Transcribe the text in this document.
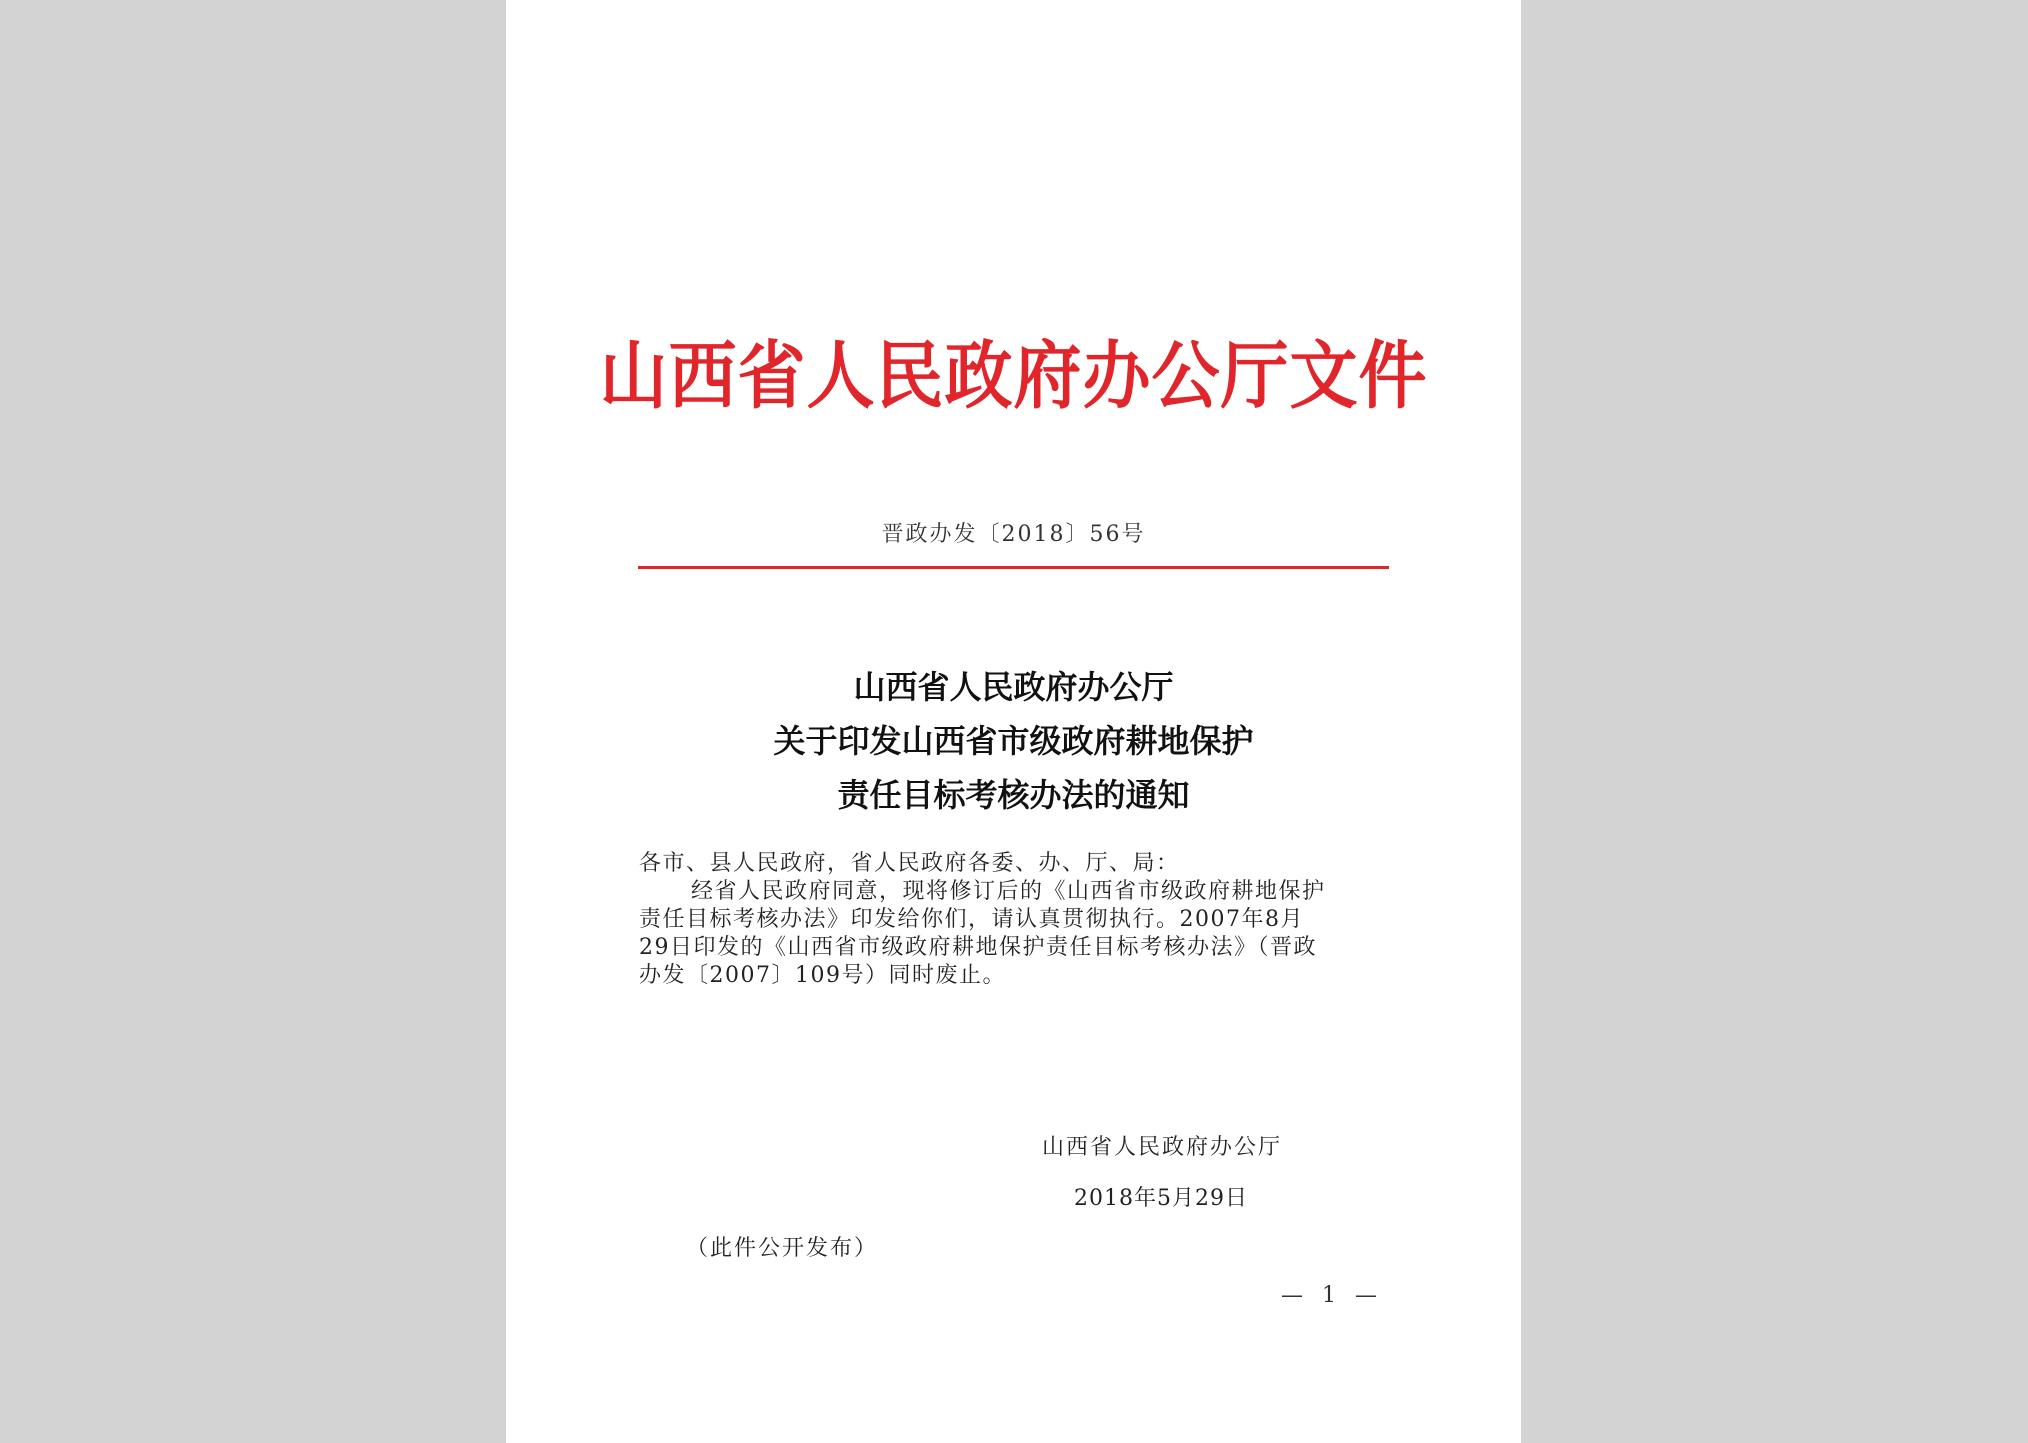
山西省人民政府办公厅文件
晋政办发〔2018〕56号
山西省人民政府办公厅
关于印发山西省市级政府耕地保护
责任目标考核办法的通知
各市、县人民政府，省人民政府各委、办、厅、局：
经省人民政府同意，现将修订后的《山西省市级政府耕地保护
责任目标考核办法》印发给你们，请认真贯彻执行。2007年8月
29日印发的《山西省市级政府耕地保护责任目标考核办法》（晋政
办发〔2007〕109号）同时废止。
山西省人民政府办公厅
2018年5月29日
（此件公开发布）
— 1 —
